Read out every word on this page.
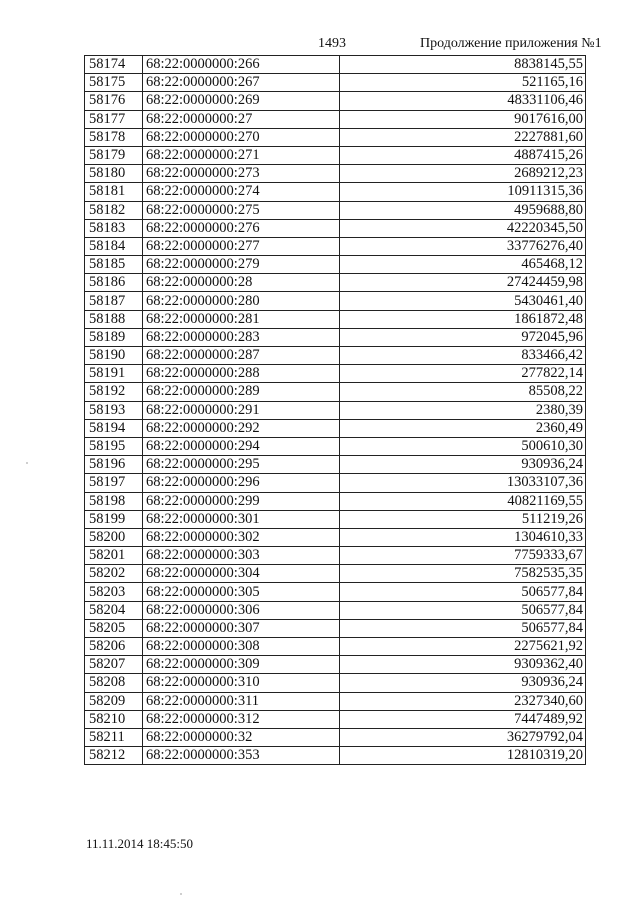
1493	Продолжение приложения №1
58174	68:22:0000000:266	8838145,55
58175	68:22:0000000:267	521165,16
58176	68:22:0000000:269	48331106,46
58177	68:22:0000000:27	9017616,00
58178	68:22:0000000:270	2227881,60
58179	68:22:0000000:271	4887415,26
58180	68:22:0000000:273	2689212,23
58181	68:22:0000000:274	10911315,36
58182	68:22:0000000:275	4959688,80
58183	68:22:0000000:276	42220345,50
58184	68:22:0000000:277	33776276,40
58185	68:22:0000000:279	465468,12
58186	68:22:0000000:28	27424459,98
58187	68:22:0000000:280	5430461,40
58188	68:22:0000000:281	1861872,48
58189	68:22:0000000:283	972045,96
58190	68:22:0000000:287	833466,42
58191	68:22:0000000:288	277822,14
58192	68:22:0000000:289	85508,22
58193	68:22:0000000:291	2380,39
58194	68:22:0000000:292	2360,49
58195	68:22:0000000:294	500610,30
58196	68:22:0000000:295	930936,24
58197	68:22:0000000:296	13033107,36
58198	68:22:0000000:299	40821169,55
58199	68:22:0000000:301	511219,26
58200	68:22:0000000:302	1304610,33
58201	68:22:0000000:303	7759333,67
58202	68:22:0000000:304	7582535,35
58203	68:22:0000000:305	506577,84
58204	68:22:0000000:306	506577,84
58205	68:22:0000000:307	506577,84
58206	68:22:0000000:308	2275621,92
58207	68:22:0000000:309	9309362,40
58208	68:22:0000000:310	930936,24
58209	68:22:0000000:311	2327340,60
58210	68:22:0000000:312	7447489,92
58211	68:22:0000000:32	36279792,04
58212	68:22:0000000:353	12810319,20
11.11.2014 18:45:50
